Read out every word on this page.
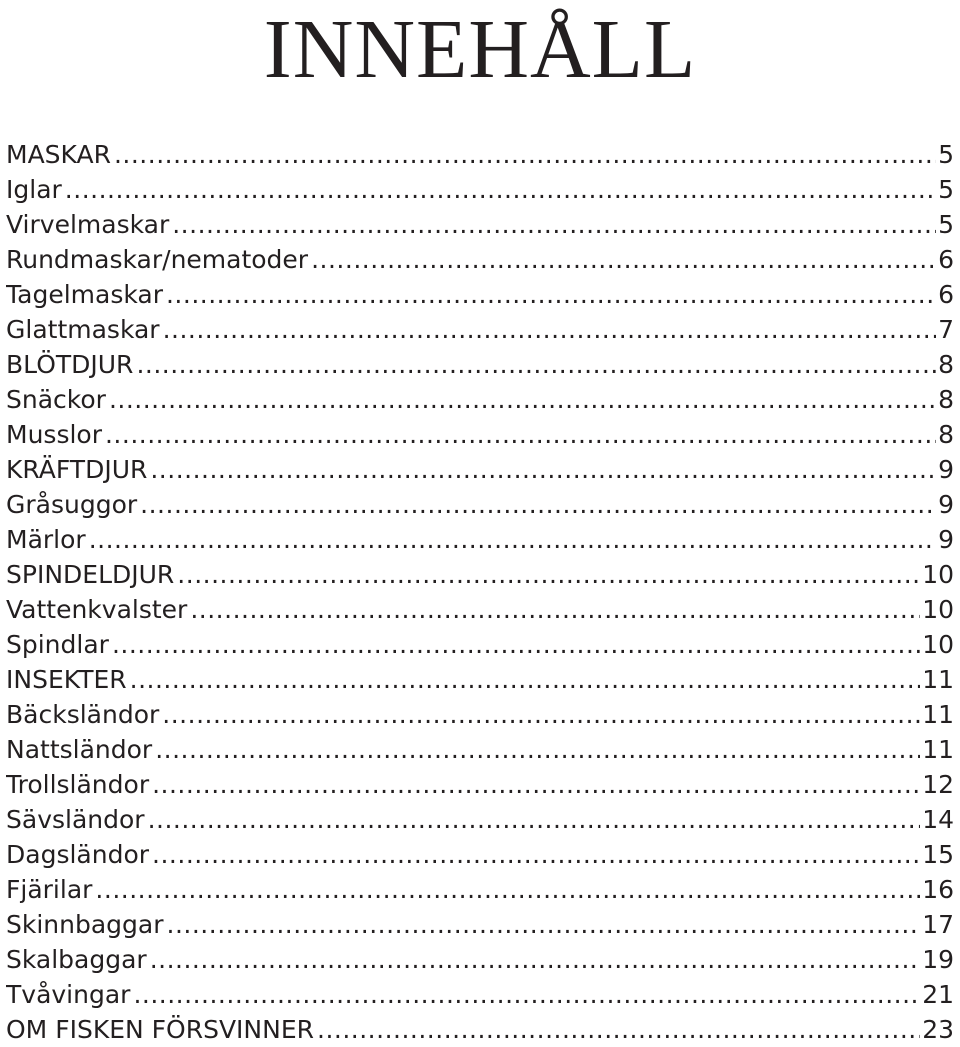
INNEHÅLL
MASKAR .....	5
Iglar .....	5
Virvelmaskar .....	5
Rundmaskar/nematoder .....	6
Tagelmaskar .....	6
Glattmaskar .....	7
BLÖTDJUR .....	8
Snäckor .....	8
Musslor .....	8
KRÄFTDJUR .....	9
Gråsuggor .....	9
Märlor .....	9
SPINDELDJUR .....	10
Vattenkvalster .....	10
Spindlar .....	10
INSEKTER .....	11
Bäcksländor .....	11
Nattsländor .....	11
Trollsländor .....	12
Sävsländor .....	14
Dagsländor .....	15
Fjärilar .....	16
Skinnbaggar .....	17
Skalbaggar .....	19
Tvåvingar .....	21
OM FISKEN FÖRSVINNER .....	23
